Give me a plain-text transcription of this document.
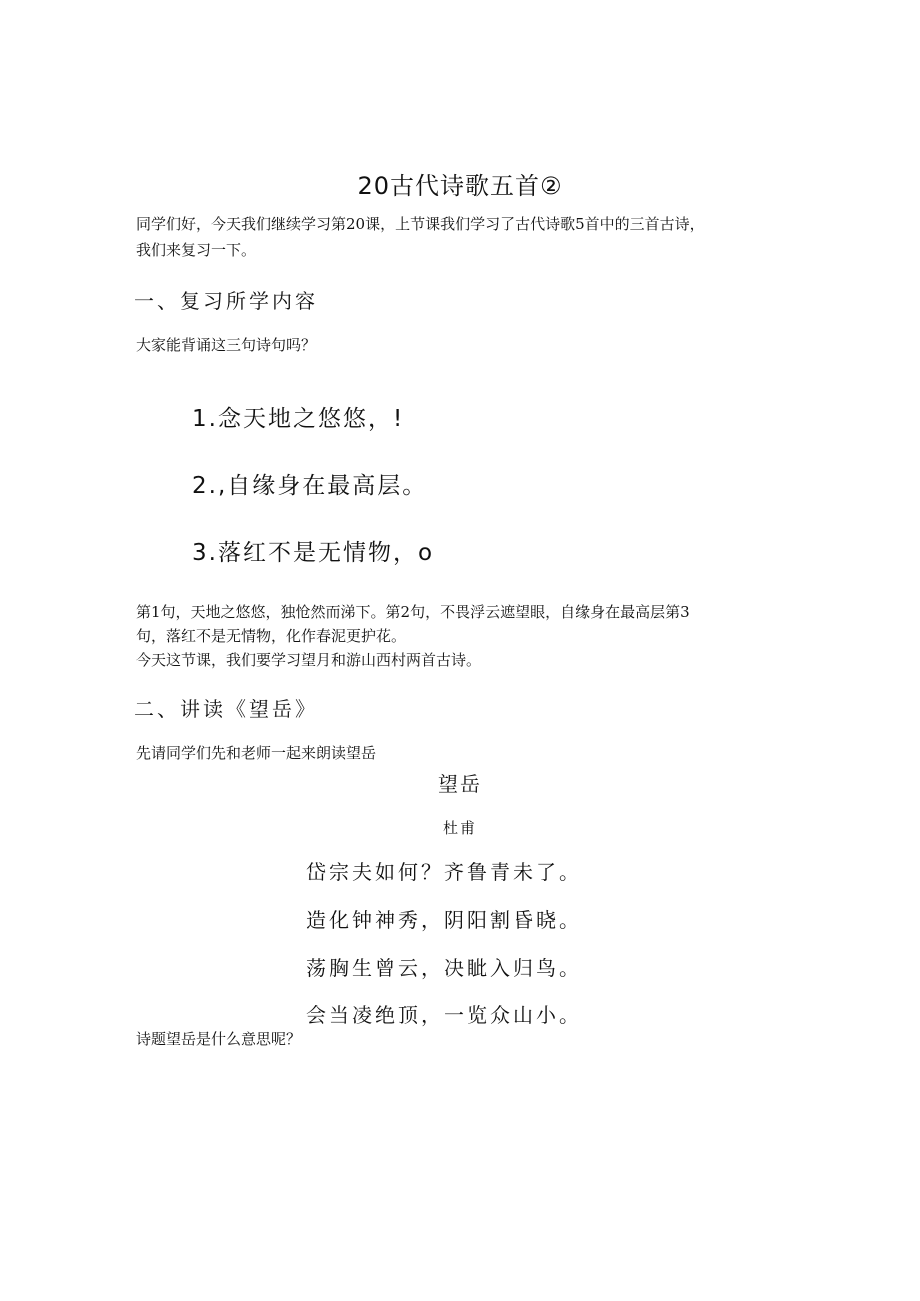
20古代诗歌五首②
同学们好，今天我们继续学习第20课，上节课我们学习了古代诗歌5首中的三首古诗，
我们来复习一下。
一、复习所学内容
大家能背诵这三句诗句吗？
1.念天地之悠悠，!
2.,自缘身在最高层。
3.落红不是无情物，o
第1句，天地之悠悠，独怆然而涕下。第2句，不畏浮云遮望眼，自缘身在最高层第3
句，落红不是无情物，化作春泥更护花。
今天这节课，我们要学习望月和游山西村两首古诗。
二、讲读《望岳》
先请同学们先和老师一起来朗读望岳
望岳
杜甫
岱宗夫如何？齐鲁青未了。
造化钟神秀，阴阳割昏晓。
荡胸生曾云，决眦入归鸟。
会当凌绝顶，一览众山小。
诗题望岳是什么意思呢？
